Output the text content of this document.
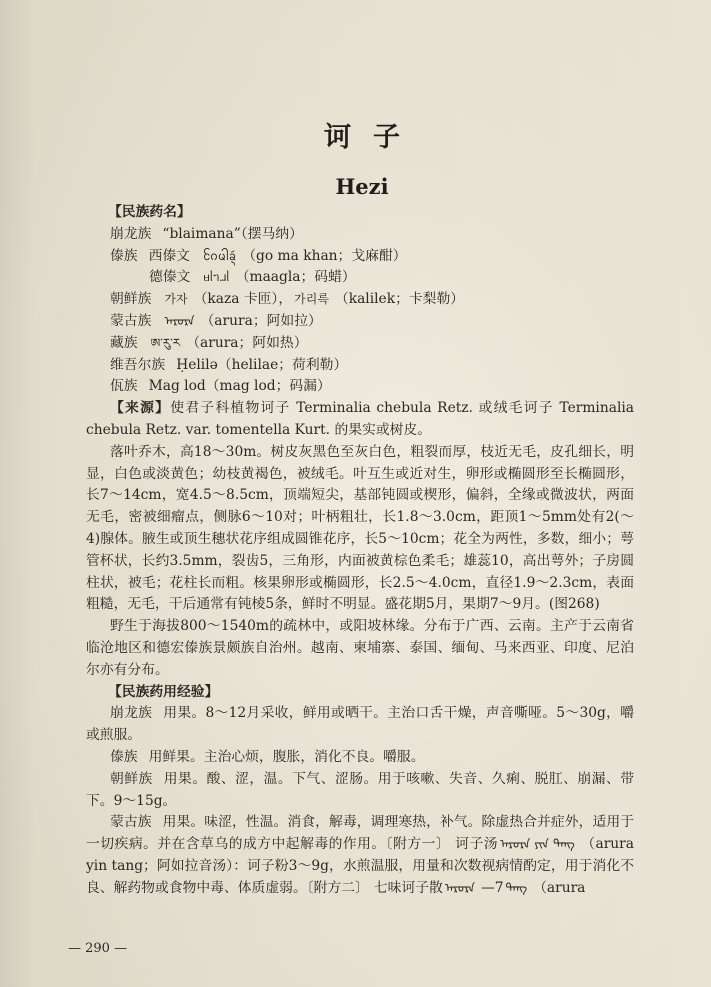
诃子
Hezi
【民族药名】
崩龙族 “blaimana”（摆马纳）
傣族 西傣文 ᨣᩰᨾᩤᨡᩢ᩠ᨶ （go ma khan；戈麻酣）
德傣文 ᥛᥣᥐᥘᥣ （maagla；码蜡）
朝鲜族 가자 （kaza 卡匝）， 가리륵 （kalilek；卡梨勒）
蒙古族 ᠠᠷᠤᠷᠠ （arura；阿如拉）
藏族 ཨ་རུ་ར （arura；阿如热）
维吾尔族 Ḥelilə（helilae；荷利勒）
佤族 Mag lod（mag lod；码漏）
【来源】使君子科植物诃子 Terminalia chebula Retz. 或绒毛诃子 Terminalia chebula Retz. var. tomentella Kurt. 的果实或树皮。
落叶乔木，高18～30m。树皮灰黑色至灰白色，粗裂而厚，枝近无毛，皮孔细长，明显，白色或淡黄色；幼枝黄褐色，被绒毛。叶互生或近对生，卵形或椭圆形至长椭圆形，长7～14cm，宽4.5～8.5cm，顶端短尖，基部钝圆或楔形，偏斜，全缘或微波状，两面无毛，密被细瘤点，侧脉6～10对；叶柄粗壮，长1.8～3.0cm，距顶1～5mm处有2(～4)腺体。腋生或顶生穗状花序组成圆锥花序，长5～10cm；花全为两性，多数，细小；萼管杯状，长约3.5mm，裂齿5，三角形，内面被黄棕色柔毛；雄蕊10，高出萼外；子房圆柱状，被毛；花柱长而粗。核果卵形或椭圆形，长2.5～4.0cm，直径1.9～2.3cm，表面粗糙，无毛，干后通常有钝棱5条，鲜时不明显。盛花期5月，果期7～9月。(图268)
野生于海拔800～1540m的疏林中，或阳坡林缘。分布于广西、云南。主产于云南省临沧地区和德宏傣族景颇族自治州。越南、柬埔寨、泰国、缅甸、马来西亚、印度、尼泊尔亦有分布。
【民族药用经验】
崩龙族 用果。8～12月采收，鲜用或晒干。主治口舌干燥，声音嘶哑。5～30g，嚼或煎服。
傣族 用鲜果。主治心烦，腹胀，消化不良。嚼服。
朝鲜族 用果。酸、涩，温。下气、涩肠。用于咳嗽、失音、久痢、脱肛、崩漏、带下。9～15g。
蒙古族 用果。味涩，性温。消食，解毒，调理寒热，补气。除虚热合并症外，适用于一切疾病。并在含草乌的成方中起解毒的作用。〔附方一〕 诃子汤 ᠠᠷᠤᠷᠠ ᠶᠢᠨ ᠲᠠᠩ （arura yin tang；阿如拉音汤）：诃子粉3～9g，水煎温服，用量和次数视病情酌定，用于消化不良、解药物或食物中毒、体质虚弱。〔附方二〕 七味诃子散 ᠠᠷᠤᠷᠠ —7 ᠲᠠᠩ （arura
— 290 —
